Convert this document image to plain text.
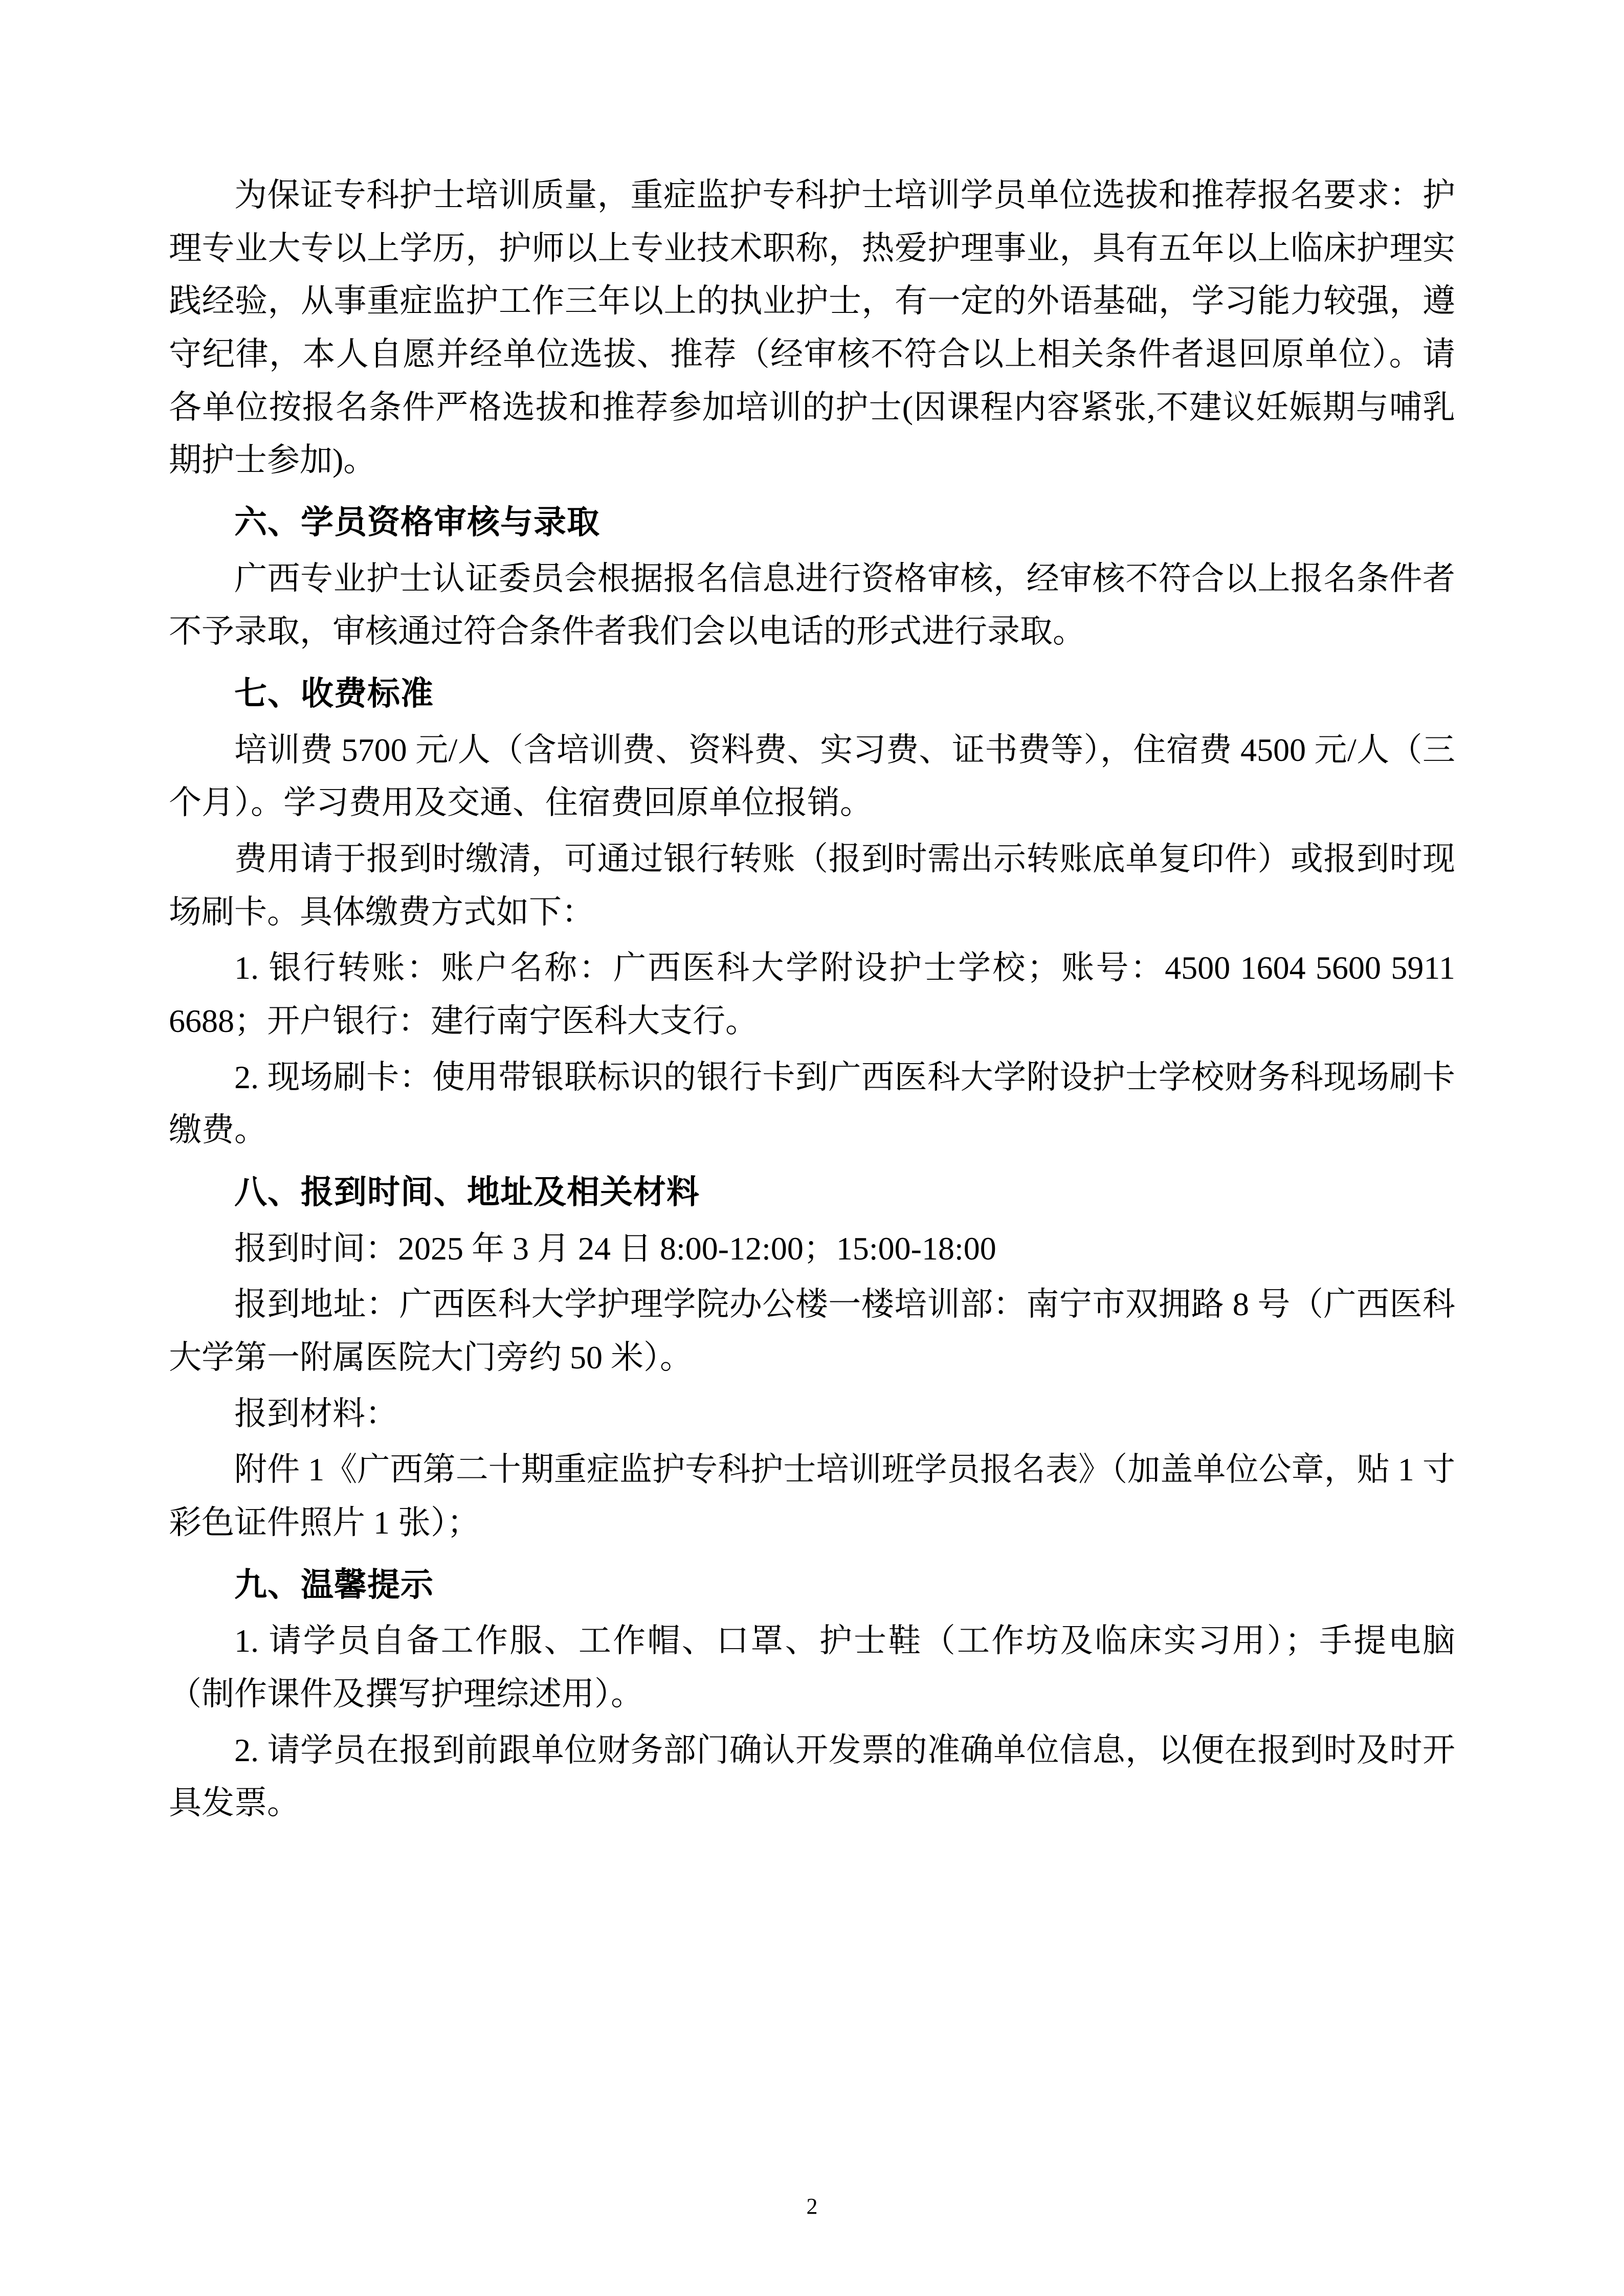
为保证专科护士培训质量，重症监护专科护士培训学员单位选拔和推荐报名要求：护理专业大专以上学历，护师以上专业技术职称，热爱护理事业，具有五年以上临床护理实践经验，从事重症监护工作三年以上的执业护士，有一定的外语基础，学习能力较强，遵守纪律，本人自愿并经单位选拔、推荐（经审核不符合以上相关条件者退回原单位）。请各单位按报名条件严格选拔和推荐参加培训的护士(因课程内容紧张,不建议妊娠期与哺乳期护士参加)。

六、学员资格审核与录取

广西专业护士认证委员会根据报名信息进行资格审核，经审核不符合以上报名条件者不予录取，审核通过符合条件者我们会以电话的形式进行录取。

七、收费标准

培训费 5700 元/人（含培训费、资料费、实习费、证书费等），住宿费 4500 元/人（三个月）。学习费用及交通、住宿费回原单位报销。

费用请于报到时缴清，可通过银行转账（报到时需出示转账底单复印件）或报到时现场刷卡。具体缴费方式如下：

1. 银行转账：账户名称：广西医科大学附设护士学校；账号：4500 1604 5600 5911 6688；开户银行：建行南宁医科大支行。

2. 现场刷卡：使用带银联标识的银行卡到广西医科大学附设护士学校财务科现场刷卡缴费。

八、报到时间、地址及相关材料

报到时间：2025 年 3 月 24 日 8:00-12:00；15:00-18:00

报到地址：广西医科大学护理学院办公楼一楼培训部：南宁市双拥路 8 号（广西医科大学第一附属医院大门旁约 50 米）。

报到材料：

附件 1《广西第二十期重症监护专科护士培训班学员报名表》（加盖单位公章，贴 1 寸彩色证件照片 1 张）；

九、温馨提示

1. 请学员自备工作服、工作帽、口罩、护士鞋（工作坊及临床实习用）；手提电脑（制作课件及撰写护理综述用）。

2. 请学员在报到前跟单位财务部门确认开发票的准确单位信息，以便在报到时及时开具发票。

2
